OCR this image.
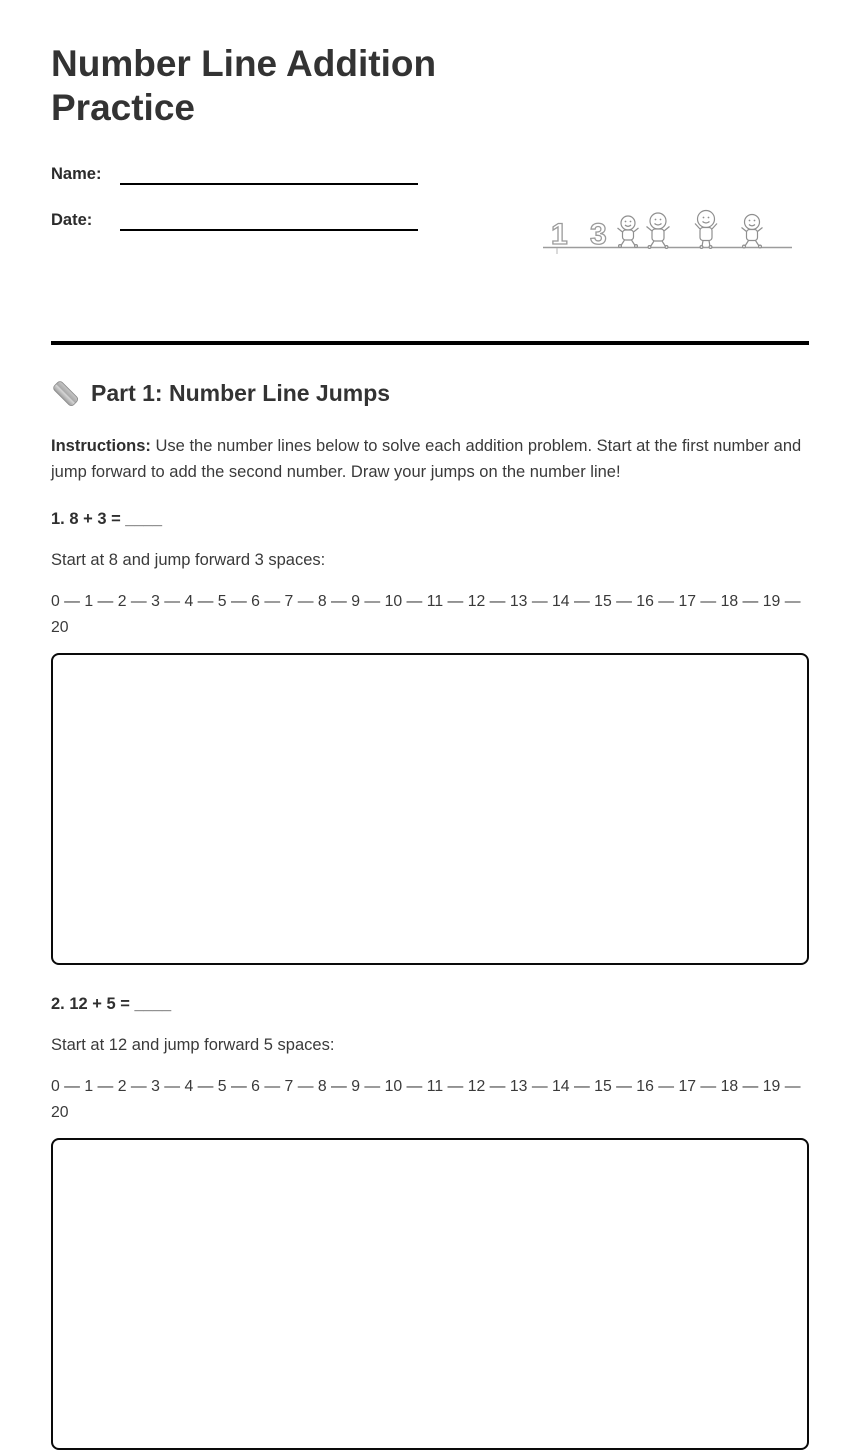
Number Line Addition Practice
Name:
Date:	1 3
Part 1: Number Line Jumps

Instructions: Use the number lines below to solve each addition problem. Start at the first number and jump forward to add the second number. Draw your jumps on the number line!

1. 8 + 3 = ____

Start at 8 and jump forward 3 spaces:

0 — 1 — 2 — 3 — 4 — 5 — 6 — 7 — 8 — 9 — 10 — 11 — 12 — 13 — 14 — 15 — 16 — 17 — 18 — 19 — 20

2. 12 + 5 = ____

Start at 12 and jump forward 5 spaces:

0 — 1 — 2 — 3 — 4 — 5 — 6 — 7 — 8 — 9 — 10 — 11 — 12 — 13 — 14 — 15 — 16 — 17 — 18 — 19 — 20
